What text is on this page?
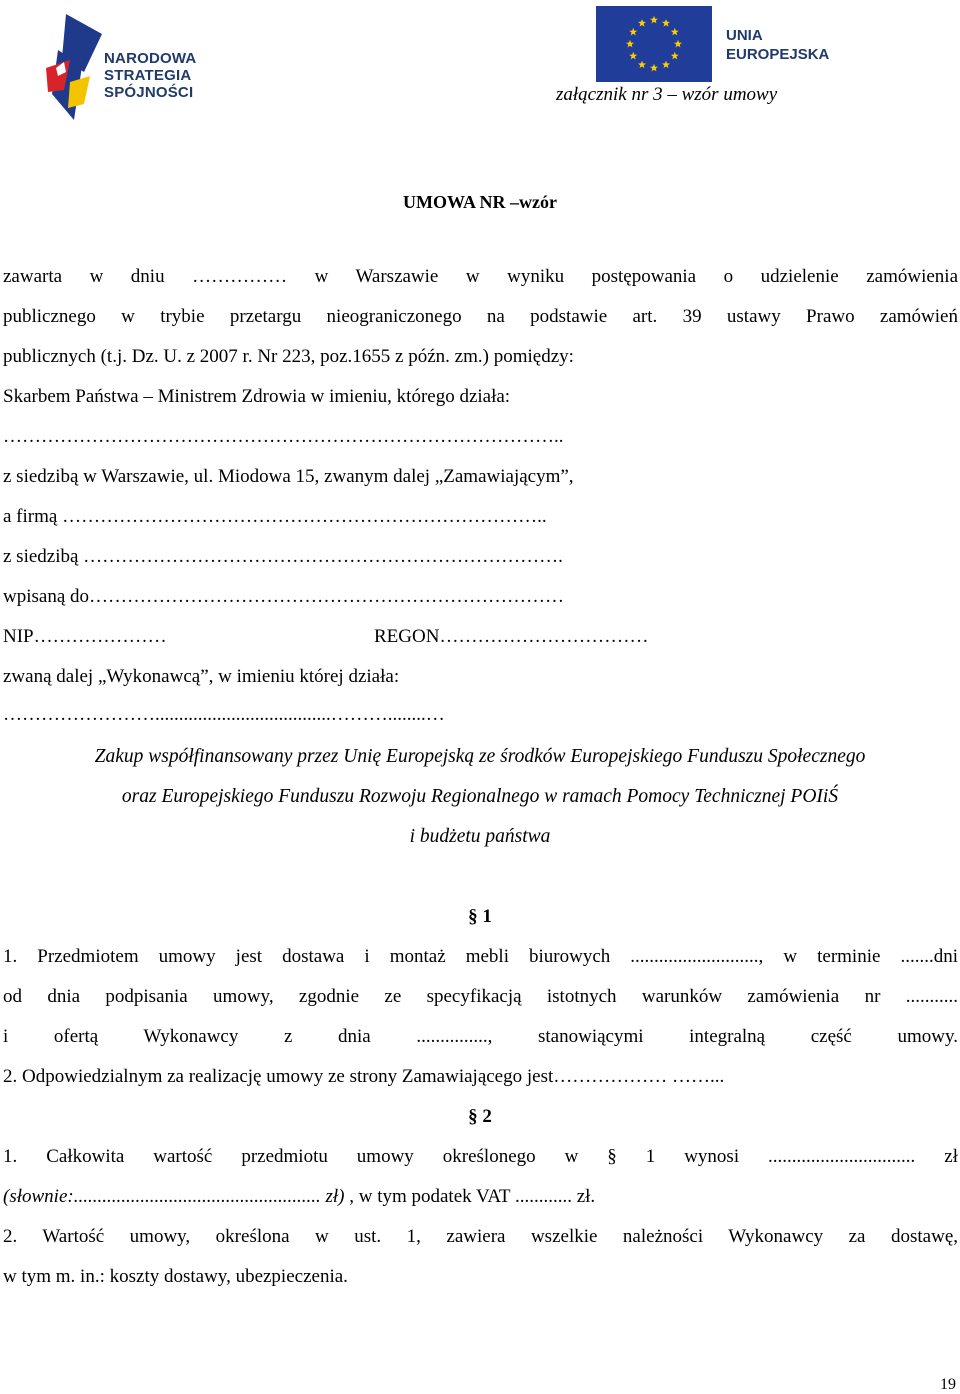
NARODOWA
STRATEGIA SPÓJNOŚCI
UNIA
EUROPEJSKA
załącznik nr 3 – wzór umowy
UMOWA NR –wzór
zawarta w dniu …………… w Warszawie w wyniku postępowania o udzielenie zamówienia
publicznego w trybie przetargu nieograniczonego na podstawie art. 39 ustawy Prawo zamówień
publicznych (t.j. Dz. U. z 2007 r. Nr 223, poz.1655 z późn. zm.) pomiędzy:
Skarbem Państwa – Ministrem Zdrowia w imieniu, którego działa:
……………………………………………………………………………..
z siedzibą w Warszawie, ul. Miodowa 15, zwanym dalej „Zamawiającym”,
a firmą …………………………………………………………………..
z siedzibą ………………………………………………………………….
wpisaną do…………………………………………………………………
NIP…………………	REGON……………………………
zwaną dalej „Wykonawcą”, w imieniu której działa:
…………………….....................................………........…
Zakup współfinansowany przez Unię Europejską ze środków Europejskiego Funduszu Społecznego
oraz Europejskiego Funduszu Rozwoju Regionalnego w ramach Pomocy Technicznej POIiŚ
i budżetu państwa
§ 1
1. Przedmiotem umowy jest dostawa i montaż mebli biurowych ..........................., w terminie .......dni
od dnia podpisania umowy, zgodnie ze specyfikacją istotnych warunków zamówienia nr ...........
i ofertą Wykonawcy z dnia ..............., stanowiącymi integralną część umowy.
2. Odpowiedzialnym za realizację umowy ze strony Zamawiającego jest……………… ……...
§ 2
1. Całkowita wartość przedmiotu umowy określonego w § 1 wynosi ............................... zł
(słownie:.................................................... zł) , w tym podatek VAT ............ zł.
2. Wartość umowy, określona w ust. 1, zawiera wszelkie należności Wykonawcy za dostawę,
w tym m. in.: koszty dostawy, ubezpieczenia.
19
